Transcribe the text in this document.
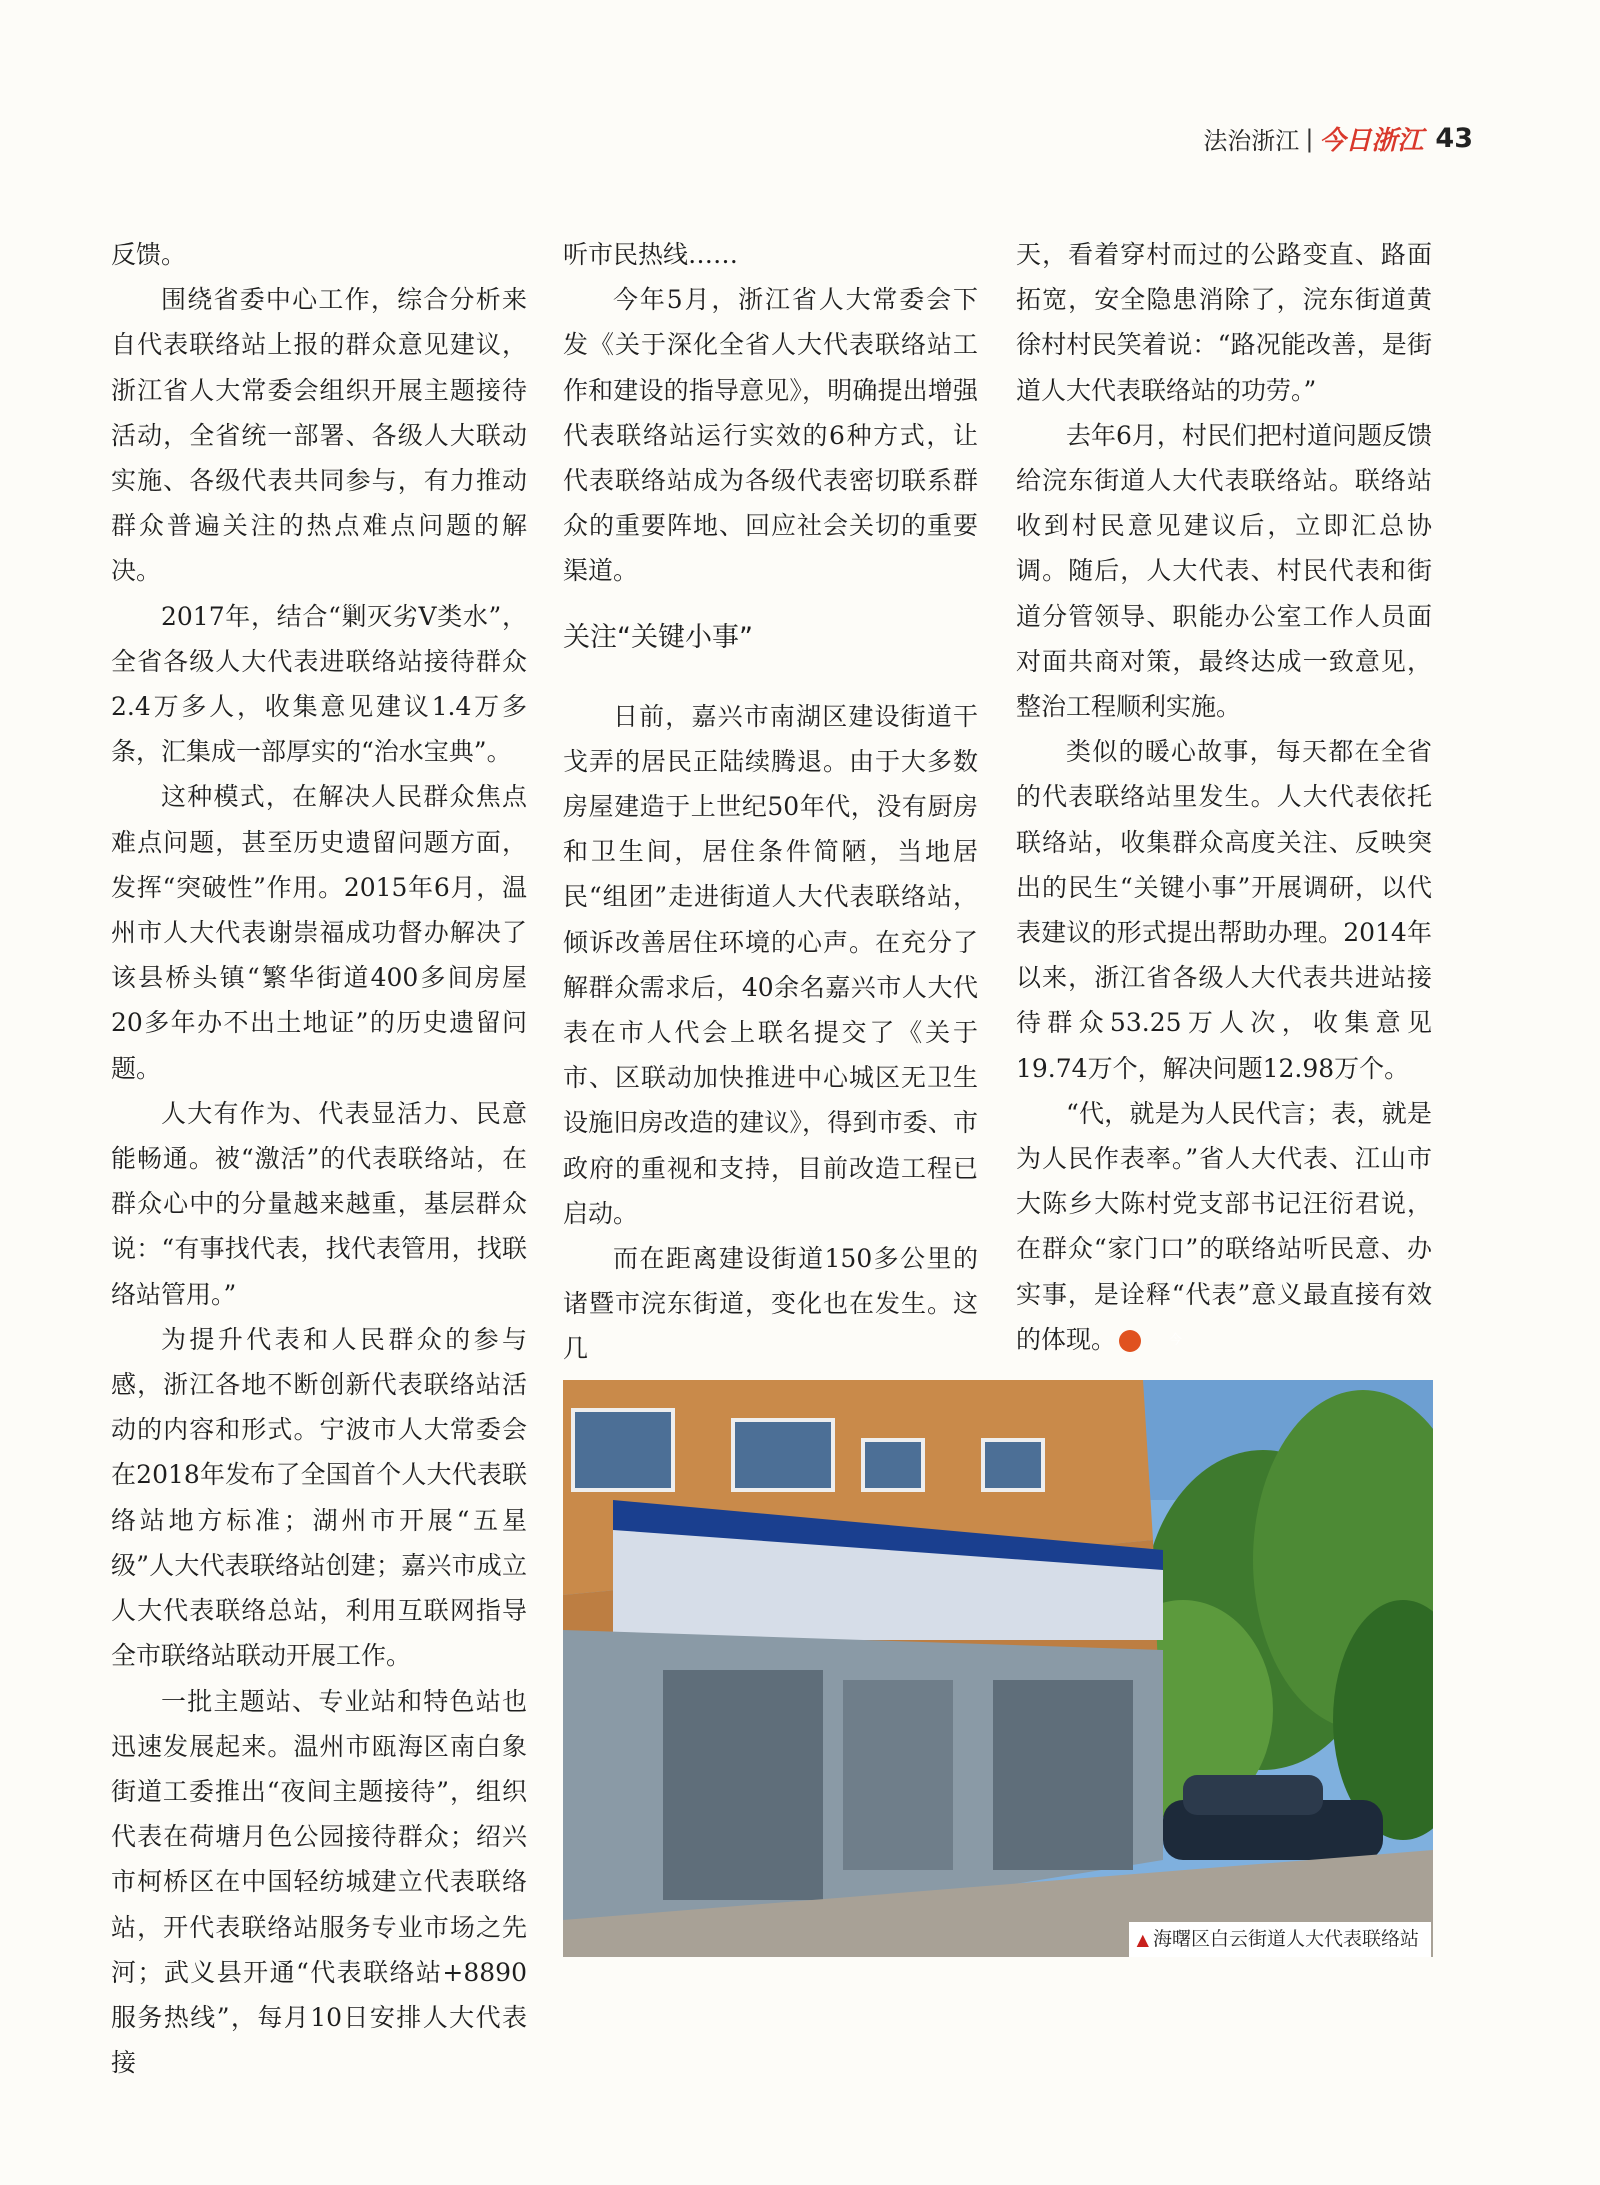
法治浙江 | 今日浙江 43

反馈。

围绕省委中心工作，综合分析来自代表联络站上报的群众意见建议，浙江省人大常委会组织开展主题接待活动，全省统一部署、各级人大联动实施、各级代表共同参与，有力推动群众普遍关注的热点难点问题的解决。

2017年，结合“剿灭劣Ⅴ类水”，全省各级人大代表进联络站接待群众2.4万多人，收集意见建议1.4万多条，汇集成一部厚实的“治水宝典”。

这种模式，在解决人民群众焦点难点问题，甚至历史遗留问题方面，发挥“突破性”作用。2015年6月，温州市人大代表谢崇福成功督办解决了该县桥头镇“繁华街道400多间房屋20多年办不出土地证”的历史遗留问题。

人大有作为、代表显活力、民意能畅通。被“激活”的代表联络站，在群众心中的分量越来越重，基层群众说：“有事找代表，找代表管用，找联络站管用。”

为提升代表和人民群众的参与感，浙江各地不断创新代表联络站活动的内容和形式。宁波市人大常委会在2018年发布了全国首个人大代表联络站地方标准；湖州市开展“五星级”人大代表联络站创建；嘉兴市成立人大代表联络总站，利用互联网指导全市联络站联动开展工作。

一批主题站、专业站和特色站也迅速发展起来。温州市瓯海区南白象街道工委推出“夜间主题接待”，组织代表在荷塘月色公园接待群众；绍兴市柯桥区在中国轻纺城建立代表联络站，开代表联络站服务专业市场之先河；武义县开通“代表联络站+8890服务热线”，每月10日安排人大代表接

听市民热线……

今年5月，浙江省人大常委会下发《关于深化全省人大代表联络站工作和建设的指导意见》，明确提出增强代表联络站运行实效的6种方式，让代表联络站成为各级代表密切联系群众的重要阵地、回应社会关切的重要渠道。

关注“关键小事”

日前，嘉兴市南湖区建设街道干戈弄的居民正陆续腾退。由于大多数房屋建造于上世纪50年代，没有厨房和卫生间，居住条件简陋，当地居民“组团”走进街道人大代表联络站，倾诉改善居住环境的心声。在充分了解群众需求后，40余名嘉兴市人大代表在市人代会上联名提交了《关于市、区联动加快推进中心城区无卫生设施旧房改造的建议》，得到市委、市政府的重视和支持，目前改造工程已启动。

而在距离建设街道150多公里的诸暨市浣东街道，变化也在发生。这几

天，看着穿村而过的公路变直、路面拓宽，安全隐患消除了，浣东街道黄徐村村民笑着说：“路况能改善，是街道人大代表联络站的功劳。”

去年6月，村民们把村道问题反馈给浣东街道人大代表联络站。联络站收到村民意见建议后，立即汇总协调。随后，人大代表、村民代表和街道分管领导、职能办公室工作人员面对面共商对策，最终达成一致意见，整治工程顺利实施。

类似的暖心故事，每天都在全省的代表联络站里发生。人大代表依托联络站，收集群众高度关注、反映突出的民生“关键小事”开展调研，以代表建议的形式提出帮助办理。2014年以来，浙江省各级人大代表共进站接待群众53.25万人次，收集意见19.74万个，解决问题12.98万个。

“代，就是为人民代言；表，就是为人民作表率。”省人大代表、江山市大陈乡大陈村党支部书记汪衍君说，在群众“家门口”的联络站听民意、办实事，是诠释“代表”意义最直接有效的体现。	今

▲ 海曙区白云街道人大代表联络站
